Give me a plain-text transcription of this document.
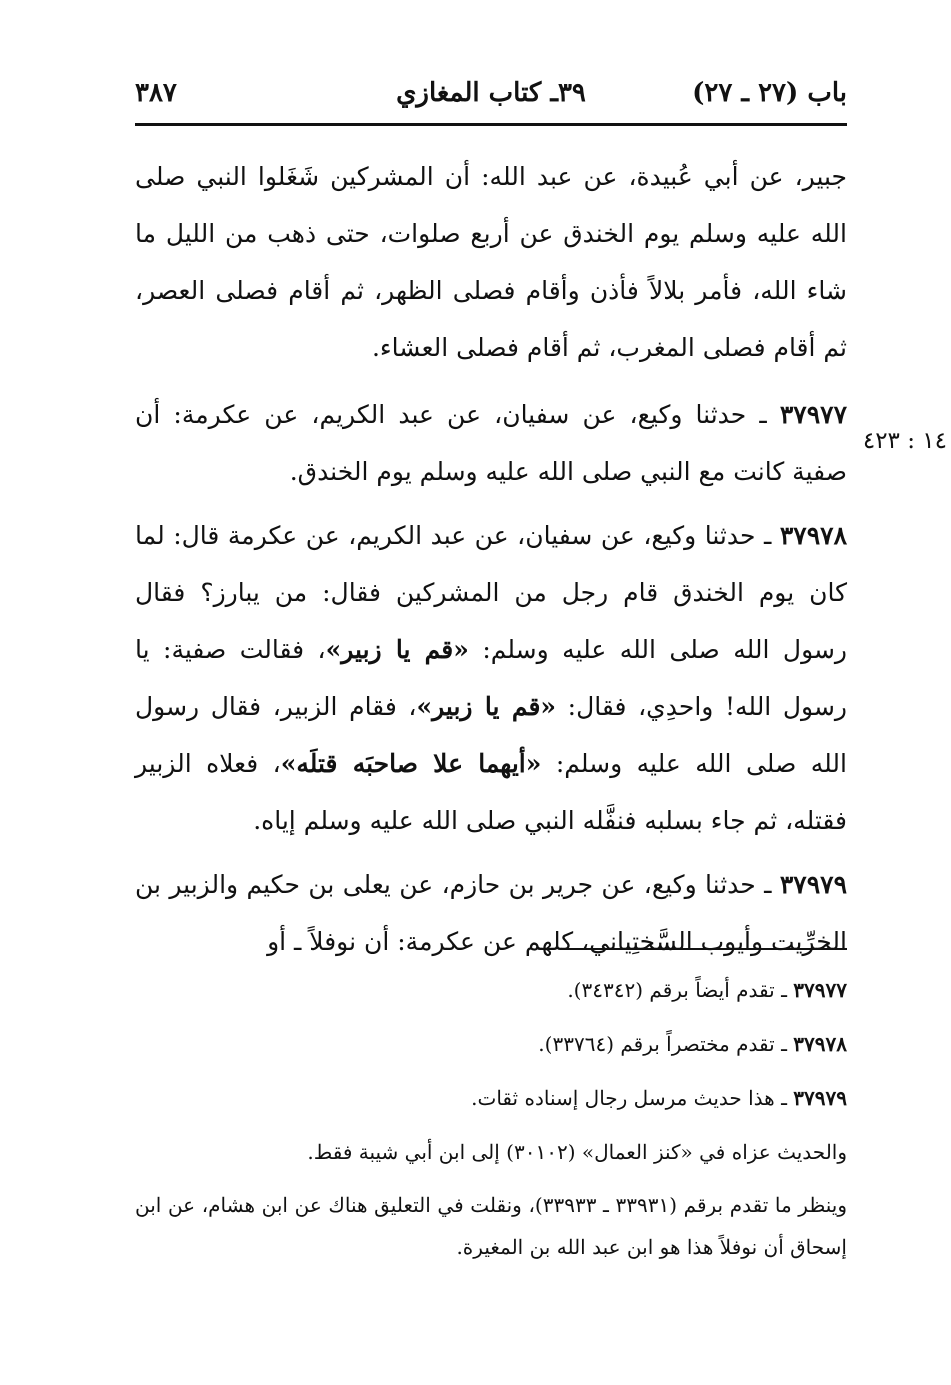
باب (٢٧ ـ ٢٧)
٣٩ـ كتاب المغازي
٣٨٧
١٤ : ٤٢٣

جبير، عن أبي عُبيدة، عن عبد الله: أن المشركين شَغَلوا النبي صلى الله عليه وسلم يوم الخندق عن أربع صلوات، حتى ذهب من الليل ما شاء الله، فأمر بلالاً فأذن وأقام فصلى الظهر، ثم أقام فصلى العصر، ثم أقام فصلى المغرب، ثم أقام فصلى العشاء.

٣٧٩٧٧ ـ حدثنا وكيع، عن سفيان، عن عبد الكريم، عن عكرمة: أن صفية كانت مع النبي صلى الله عليه وسلم يوم الخندق.

٣٧٩٧٨ ـ حدثنا وكيع، عن سفيان، عن عبد الكريم، عن عكرمة قال: لما كان يوم الخندق قام رجل من المشركين فقال: من يبارز؟ فقال رسول الله صلى الله عليه وسلم: «قم يا زبير»، فقالت صفية: يا رسول الله! واحدِي، فقال: «قم يا زبير»، فقام الزبير، فقال رسول الله صلى الله عليه وسلم: «أيهما علا صاحبَه قتلَه»، فعلاه الزبير فقتله، ثم جاء بسلبه فنفَّله النبي صلى الله عليه وسلم إياه.

٣٧٩٧٩ ـ حدثنا وكيع، عن جرير بن حازم، عن يعلى بن حكيم والزبير بن الخرِّيت وأيوب السَّختِياني، كلهم عن عكرمة: أن نوفلاً ـ أو

٣٧٩٧٧ ـ تقدم أيضاً برقم (٣٤٣٤٢).

٣٧٩٧٨ ـ تقدم مختصراً برقم (٣٣٧٦٤).

٣٧٩٧٩ ـ هذا حديث مرسل رجال إسناده ثقات.

والحديث عزاه في «كنز العمال» (٣٠١٠٢) إلى ابن أبي شيبة فقط.

وينظر ما تقدم برقم (٣٣٩٣١ ـ ٣٣٩٣٣)، ونقلت في التعليق هناك عن ابن هشام، عن ابن إسحاق أن نوفلاً هذا هو ابن عبد الله بن المغيرة.
